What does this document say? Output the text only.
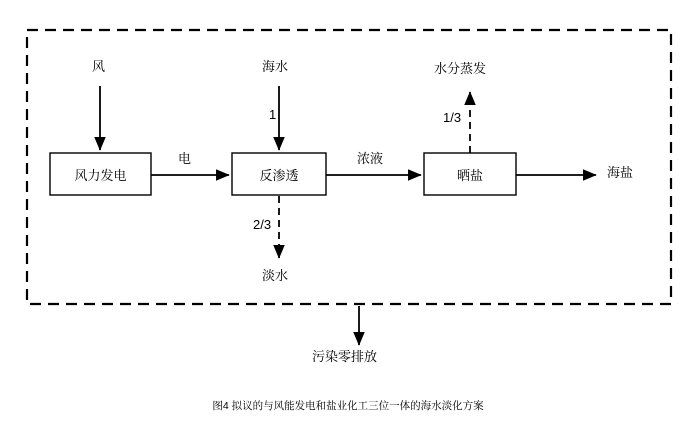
风力发电	反渗透	晒盐
风	海水
1
电	浓液
2/3
1/3
水分蒸发
海盐
淡水
污染零排放
图4 拟议的与风能发电和盐业化工三位一体的海水淡化方案
